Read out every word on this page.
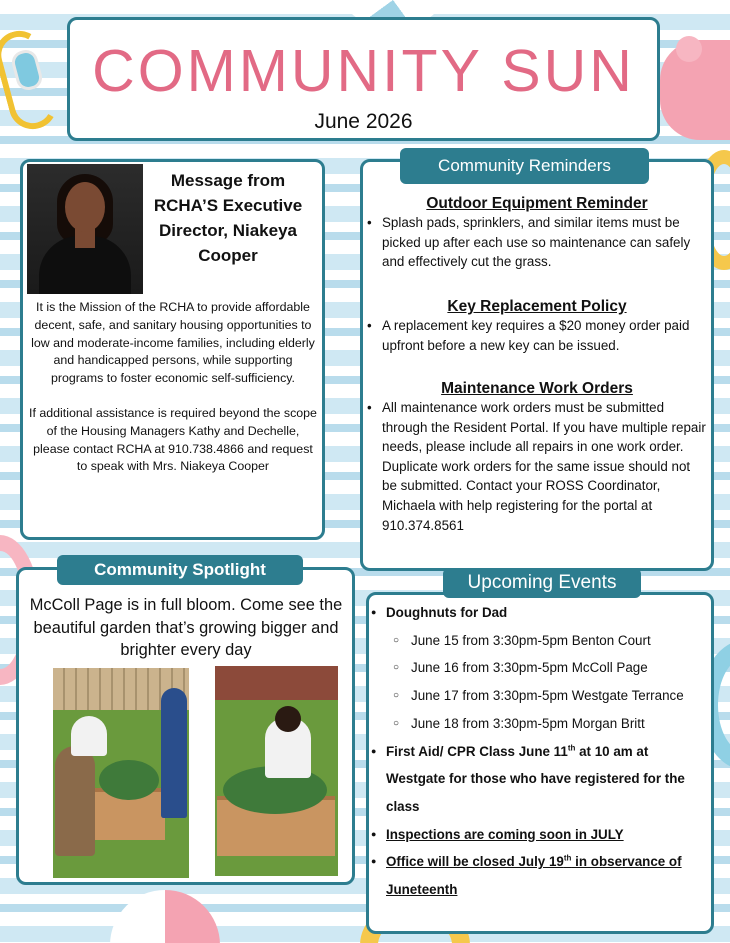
COMMUNITY SUN
June 2026
Message from RCHA’S Executive Director, Niakeya Cooper

It is the Mission of the RCHA to provide affordable decent, safe, and sanitary housing opportunities to low and moderate-income families, including elderly and handicapped persons, while supporting programs to foster economic self-sufficiency.

If additional assistance is required beyond the scope of the Housing Managers Kathy and Dechelle, please contact RCHA at 910.738.4866 and request to speak with Mrs. Niakeya Cooper

Outdoor Equipment Reminder
• Splash pads, sprinklers, and similar items must be picked up after each use so maintenance can safely and effectively cut the grass.
Key Replacement Policy
• A replacement key requires a $20 money order paid upfront before a new key can be issued.
Maintenance Work Orders
• All maintenance work orders must be submitted through the Resident Portal. If you have multiple repair needs, please include all repairs in one work order. Duplicate work orders for the same issue should not be submitted. Contact your ROSS Coordinator, Michaela with help registering for the portal at 910.374.8561
Community Reminders
McColl Page is in full bloom. Come see the beautiful garden that’s growing bigger and brighter every day
Community Spotlight
● Doughnuts for Dad
○ June 15 from 3:30pm-5pm Benton Court
○ June 16 from 3:30pm-5pm McColl Page
○ June 17 from 3:30pm-5pm Westgate Terrance
○ June 18 from 3:30pm-5pm Morgan Britt
● First Aid/ CPR Class June 11th at 10 am at Westgate for those who have registered for the class
● Inspections are coming soon in JULY
● Office will be closed July 19th in observance of Juneteenth
Upcoming Events
